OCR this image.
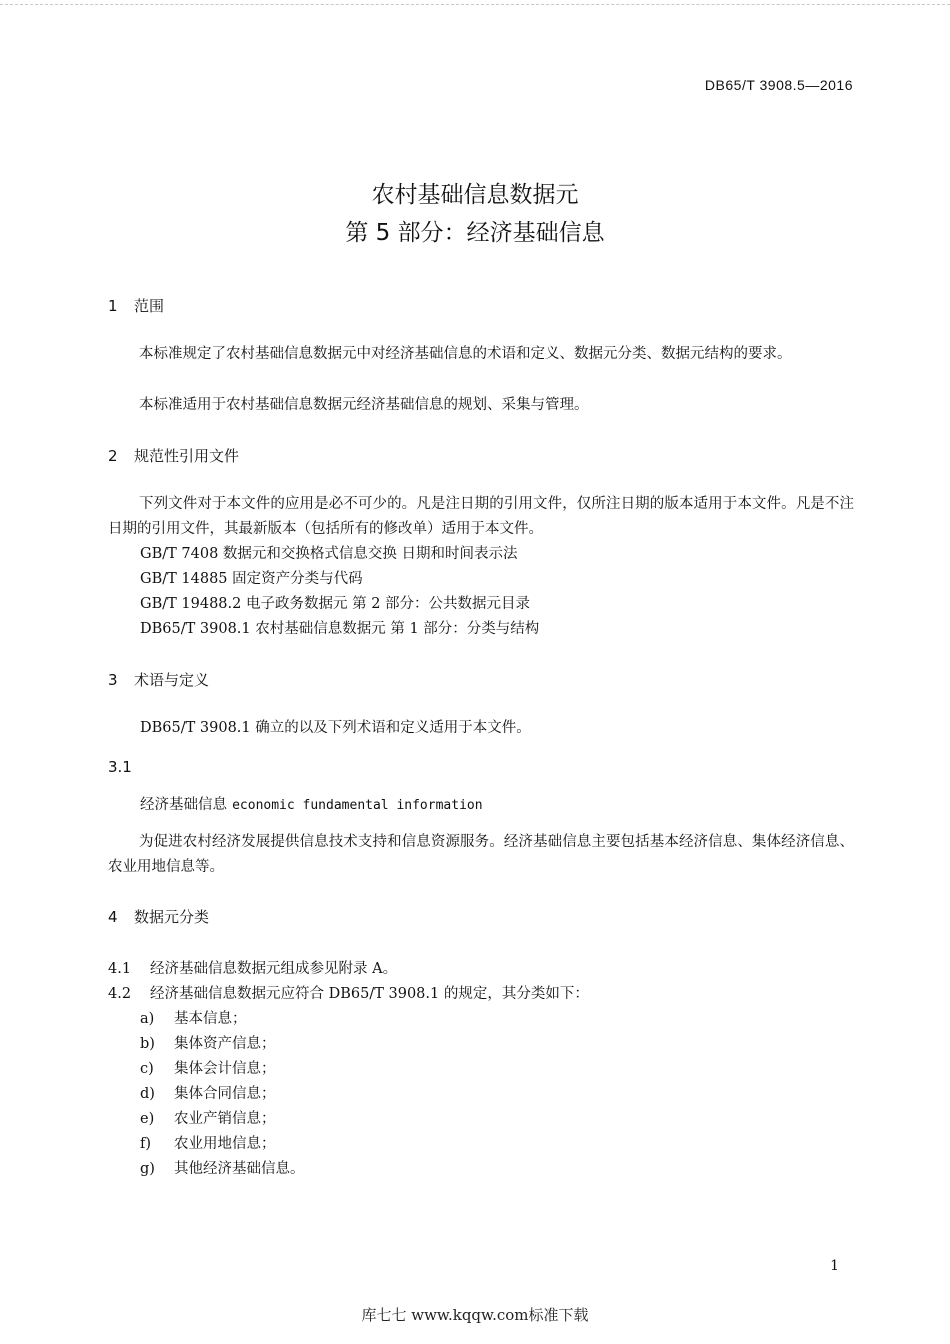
DB65/T 3908.5—2016
农村基础信息数据元
第 5 部分：经济基础信息
1 范围
本标准规定了农村基础信息数据元中对经济基础信息的术语和定义、数据元分类、数据元结构的要求。
本标准适用于农村基础信息数据元经济基础信息的规划、采集与管理。
2 规范性引用文件
下列文件对于本文件的应用是必不可少的。凡是注日期的引用文件，仅所注日期的版本适用于本文件。凡是不注日期的引用文件，其最新版本（包括所有的修改单）适用于本文件。
GB/T 7408 数据元和交换格式信息交换 日期和时间表示法
GB/T 14885 固定资产分类与代码
GB/T 19488.2 电子政务数据元 第 2 部分：公共数据元目录
DB65/T 3908.1 农村基础信息数据元 第 1 部分：分类与结构
3 术语与定义
DB65/T 3908.1 确立的以及下列术语和定义适用于本文件。
3.1
经济基础信息 economic fundamental information
为促进农村经济发展提供信息技术支持和信息资源服务。经济基础信息主要包括基本经济信息、集体经济信息、农业用地信息等。
4 数据元分类
4.1 经济基础信息数据元组成参见附录 A。
4.2 经济基础信息数据元应符合 DB65/T 3908.1 的规定，其分类如下：
a) 基本信息；
b) 集体资产信息；
c) 集体会计信息；
d) 集体合同信息；
e) 农业产销信息；
f) 农业用地信息；
g) 其他经济基础信息。
1
库七七 www.kqqw.com标准下载
